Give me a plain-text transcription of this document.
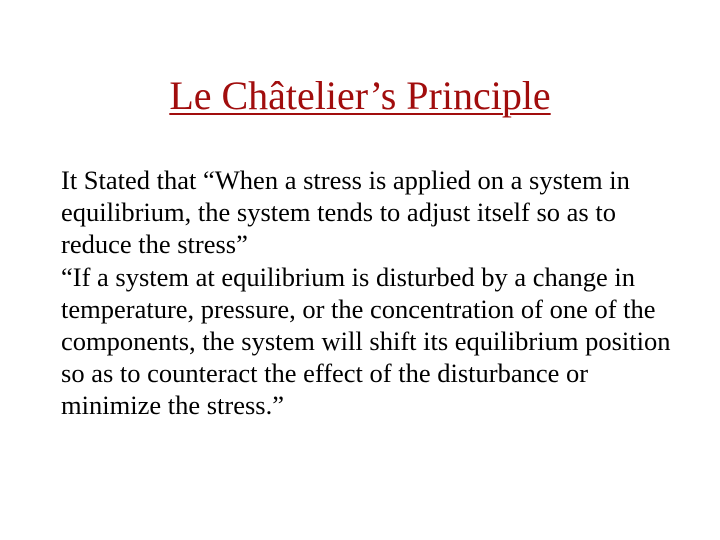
Le Châtelier’s Principle

It Stated that “When a stress is applied on a system in equilibrium, the system tends to adjust itself so as to reduce the stress”

“If a system at equilibrium is disturbed by a change in temperature, pressure, or the concentration of one of the components, the system will shift its equilibrium position so as to counteract the effect of the disturbance or minimize the stress.”
